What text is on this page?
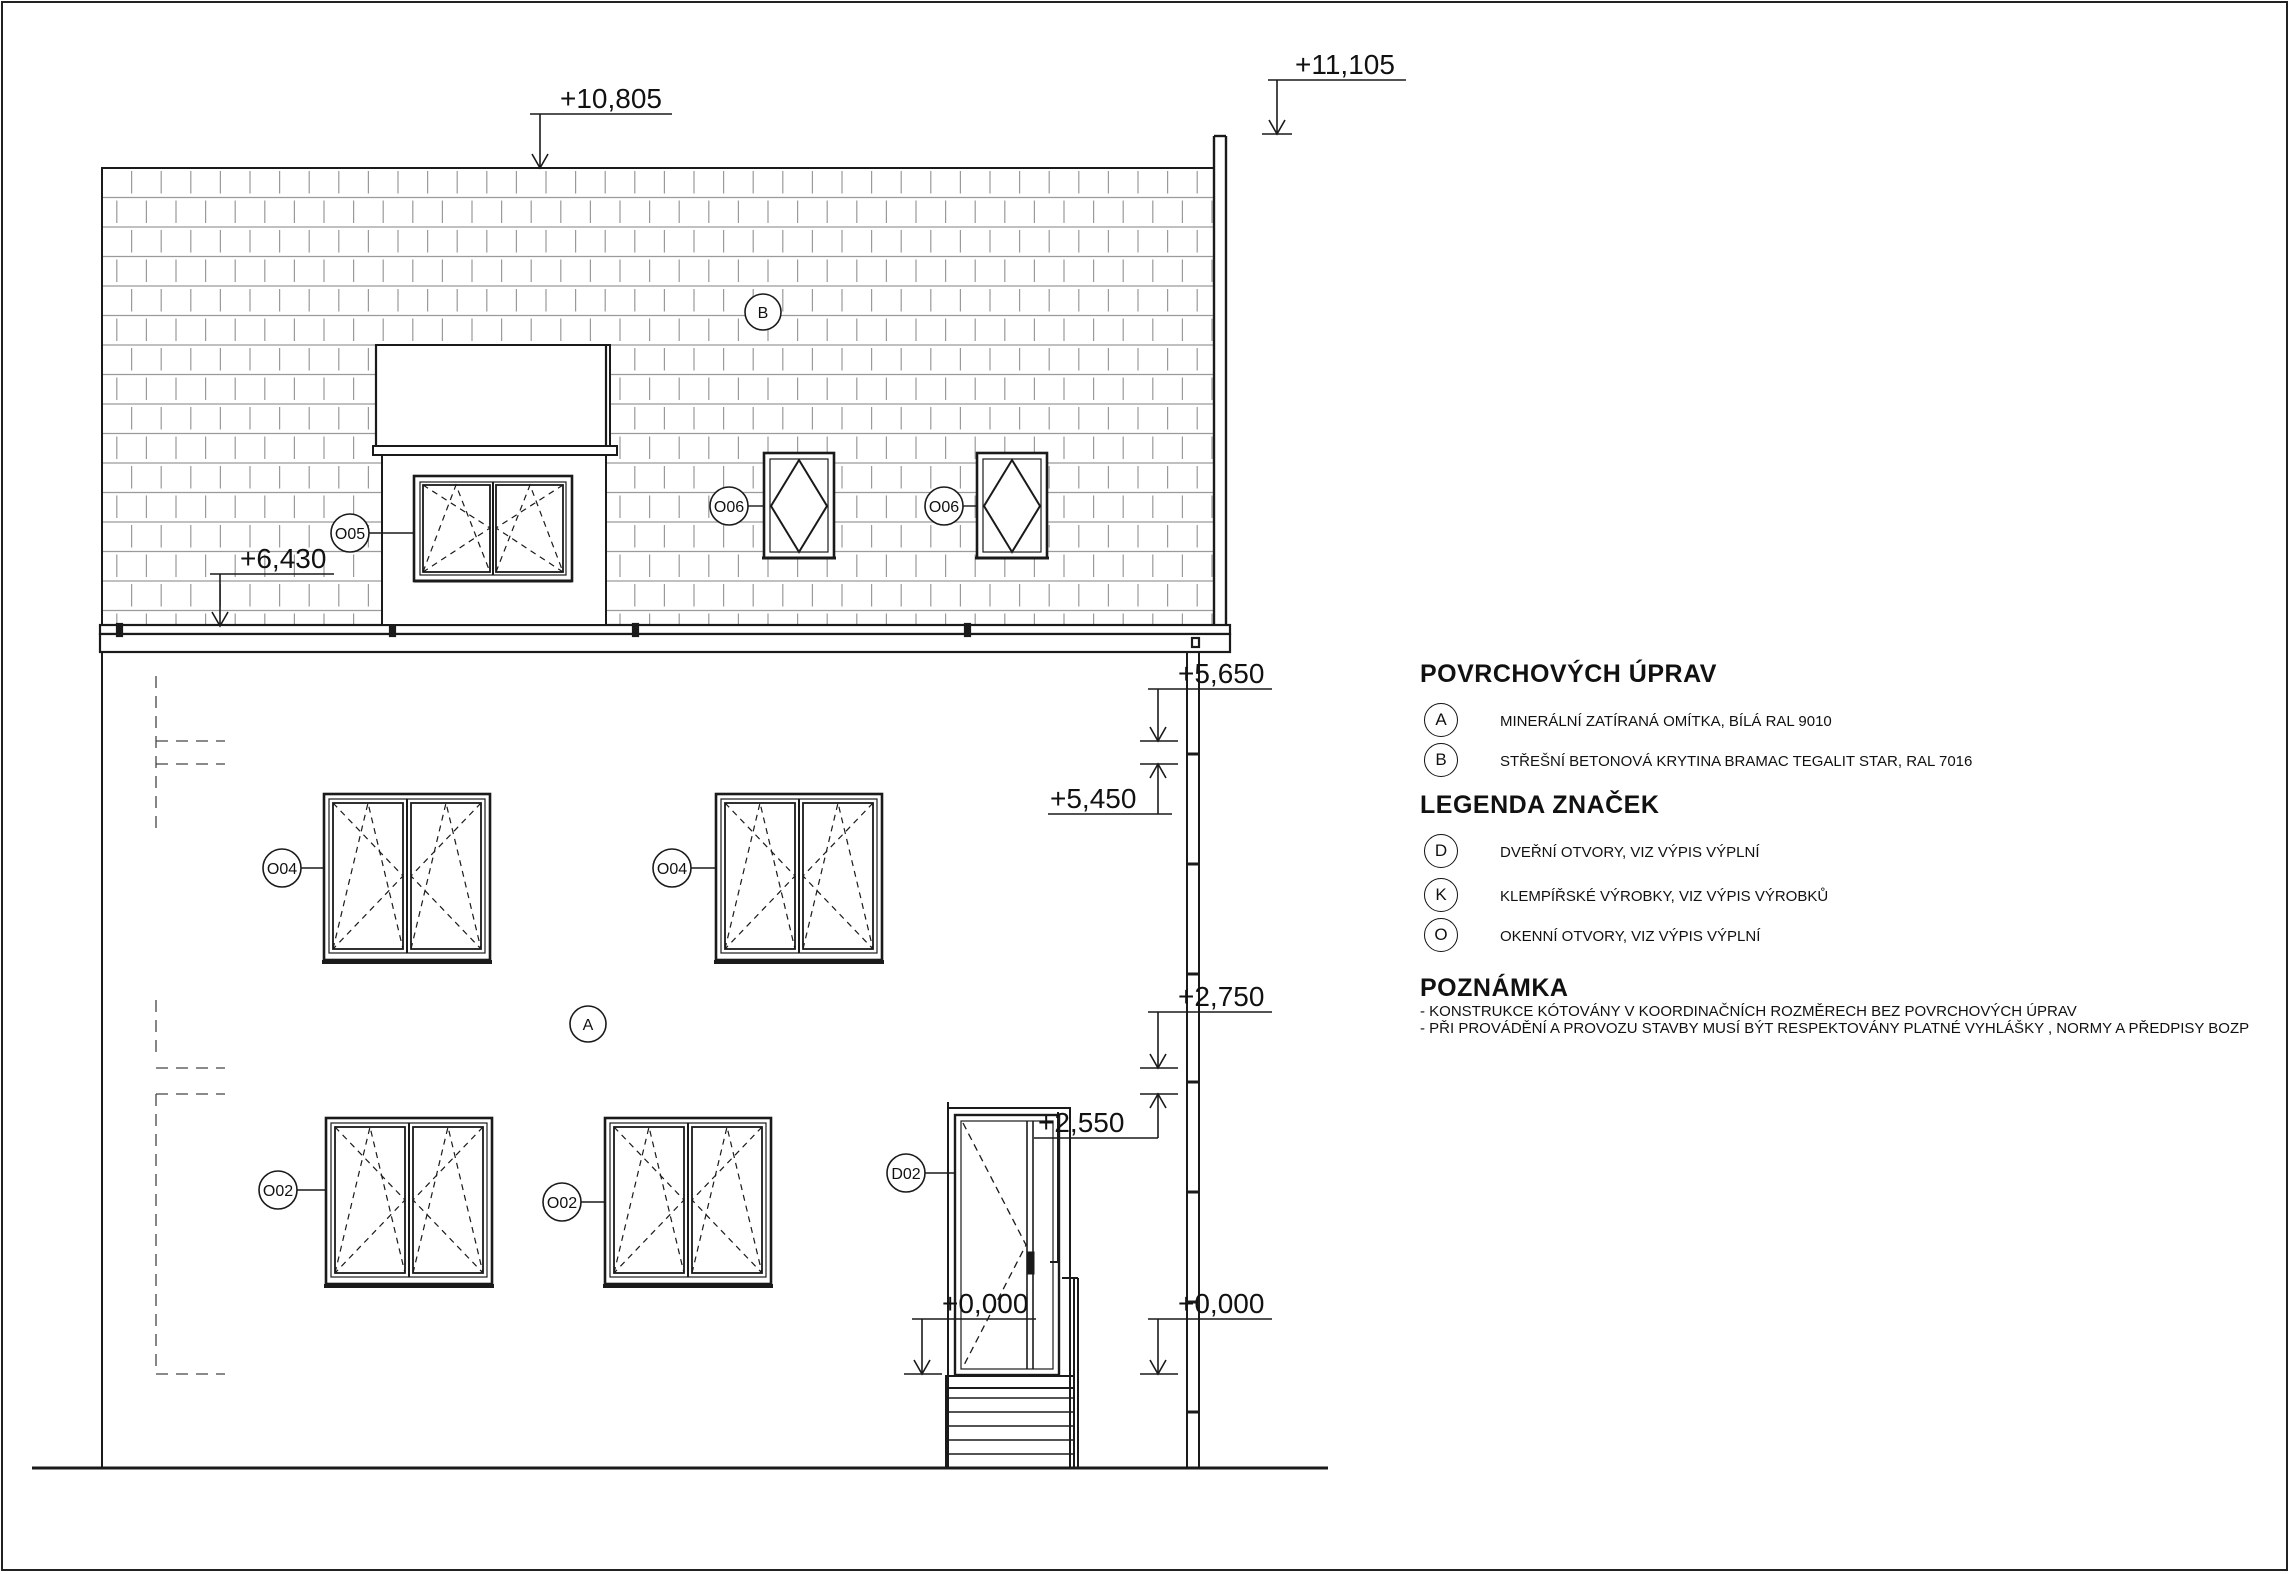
+11,105
+10,805
+6,430
+5,650
+5,450
+2,750
+2,550
+0,000
+0,000
B
A
O05
O06	O06
O04	O04
O02
O02
D02
POVRCHOVÝCH ÚPRAV
A	MINERÁLNÍ ZATÍRANÁ OMÍTKA, BÍLÁ RAL 9010
B	STŘEŠNÍ BETONOVÁ KRYTINA BRAMAC TEGALIT STAR, RAL 7016
LEGENDA ZNAČEK
D	DVEŘNÍ OTVORY, VIZ VÝPIS VÝPLNÍ
K	KLEMPÍŘSKÉ VÝROBKY, VIZ VÝPIS VÝROBKŮ
O	OKENNÍ OTVORY, VIZ VÝPIS VÝPLNÍ
POZNÁMKA
- KONSTRUKCE KÓTOVÁNY V KOORDINAČNÍCH ROZMĚRECH BEZ POVRCHOVÝCH ÚPRAV
- PŘI PROVÁDĚNÍ A PROVOZU STAVBY MUSÍ BÝT RESPEKTOVÁNY PLATNÉ VYHLÁŠKY , NORMY A PŘEDPISY BOZP
